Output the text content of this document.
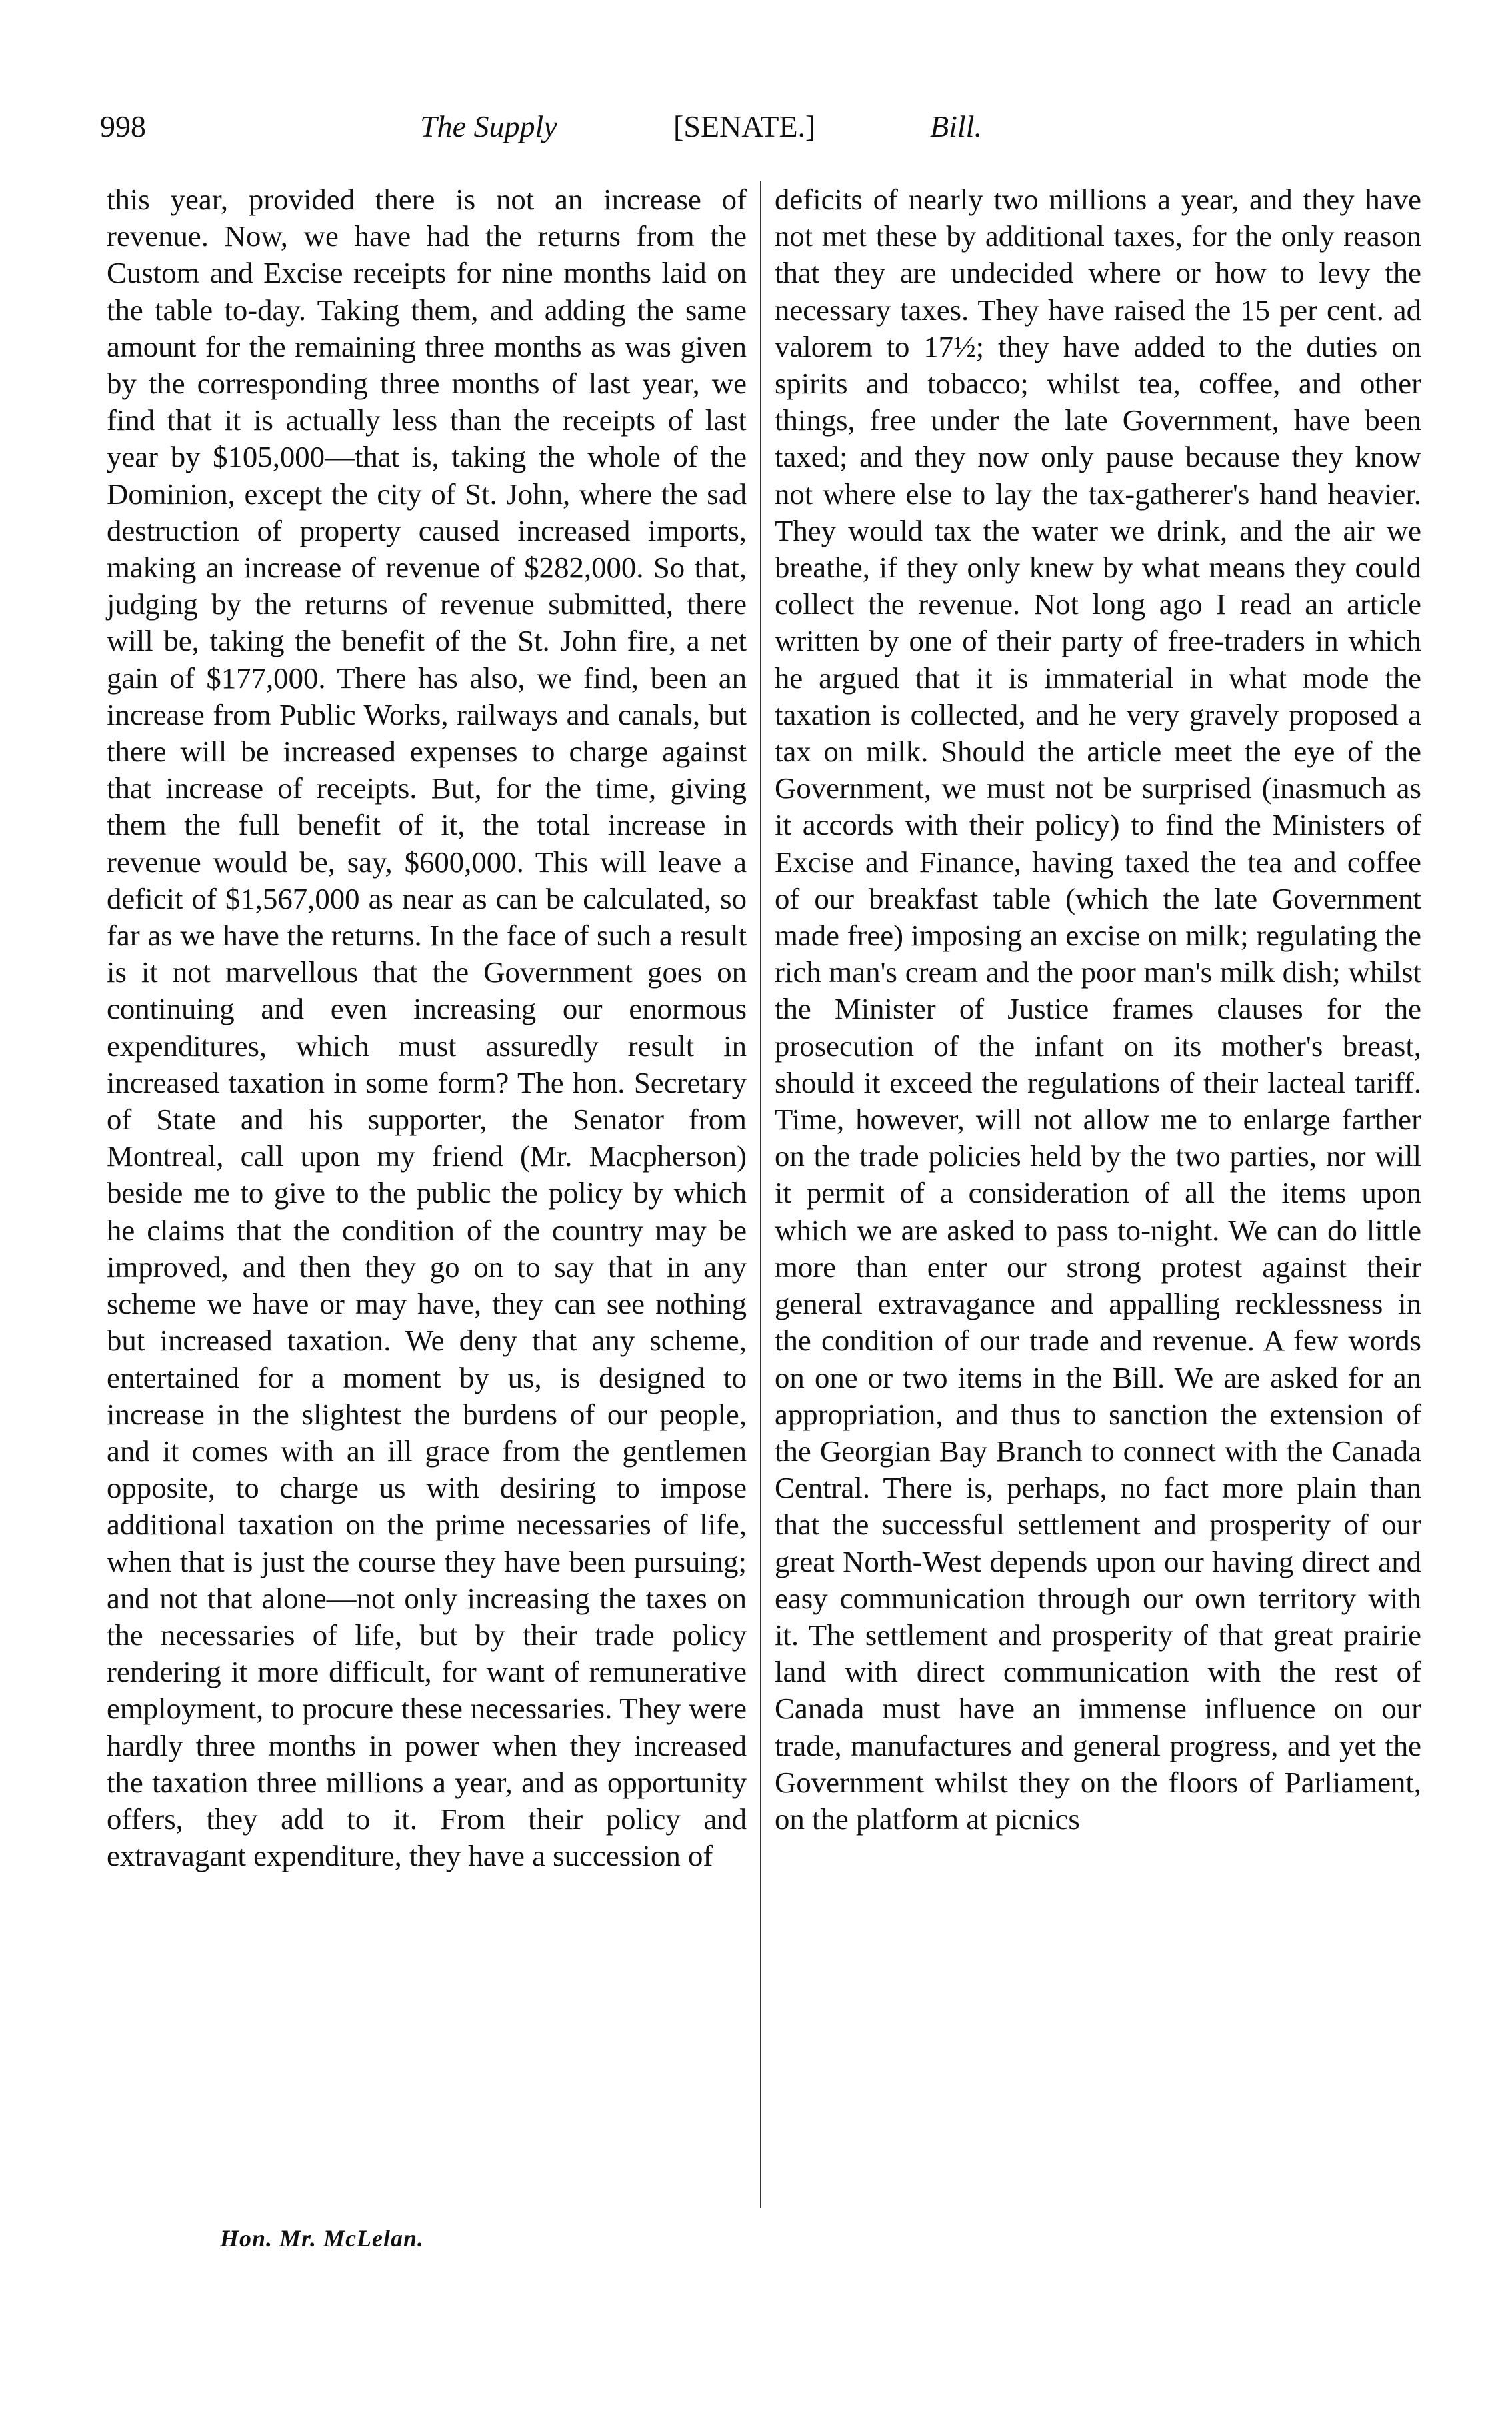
998	The Supply	[SENATE.]	Bill.

this year, provided there is not an increase of revenue. Now, we have had the returns from the Custom and Excise receipts for nine months laid on the table to-day. Taking them, and adding the same amount for the remaining three months as was given by the corresponding three months of last year, we find that it is actually less than the receipts of last year by $105,000—that is, taking the whole of the Dominion, except the city of St. John, where the sad destruction of property caused increased imports, making an increase of revenue of $282,000. So that, judging by the returns of revenue submitted, there will be, taking the benefit of the St. John fire, a net gain of $177,000. There has also, we find, been an increase from Public Works, railways and canals, but there will be increased expenses to charge against that increase of receipts. But, for the time, giving them the full benefit of it, the total increase in revenue would be, say, $600,000. This will leave a deficit of $1,567,000 as near as can be calculated, so far as we have the returns. In the face of such a result is it not marvellous that the Government goes on continuing and even increasing our enormous expenditures, which must assuredly result in increased taxation in some form? The hon. Secretary of State and his supporter, the Senator from Montreal, call upon my friend (Mr. Macpherson) beside me to give to the public the policy by which he claims that the condition of the country may be improved, and then they go on to say that in any scheme we have or may have, they can see nothing but increased taxation. We deny that any scheme, entertained for a moment by us, is designed to increase in the slightest the burdens of our people, and it comes with an ill grace from the gentlemen opposite, to charge us with desiring to impose additional taxation on the prime necessaries of life, when that is just the course they have been pursuing; and not that alone—not only increasing the taxes on the necessaries of life, but by their trade policy rendering it more difficult, for want of remunerative employment, to procure these necessaries. They were hardly three months in power when they increased the taxation three millions a year, and as opportunity offers, they add to it. From their policy and extravagant expenditure, they have a succession of

deficits of nearly two millions a year, and they have not met these by additional taxes, for the only reason that they are undecided where or how to levy the necessary taxes. They have raised the 15 per cent. ad valorem to 17½; they have added to the duties on spirits and tobacco; whilst tea, coffee, and other things, free under the late Government, have been taxed; and they now only pause because they know not where else to lay the tax-gatherer's hand heavier. They would tax the water we drink, and the air we breathe, if they only knew by what means they could collect the revenue. Not long ago I read an article written by one of their party of free-traders in which he argued that it is immaterial in what mode the taxation is collected, and he very gravely proposed a tax on milk. Should the article meet the eye of the Government, we must not be surprised (inasmuch as it accords with their policy) to find the Ministers of Excise and Finance, having taxed the tea and coffee of our breakfast table (which the late Government made free) imposing an excise on milk; regulating the rich man's cream and the poor man's milk dish; whilst the Minister of Justice frames clauses for the prosecution of the infant on its mother's breast, should it exceed the regulations of their lacteal tariff. Time, however, will not allow me to enlarge farther on the trade policies held by the two parties, nor will it permit of a consideration of all the items upon which we are asked to pass to-night. We can do little more than enter our strong protest against their general extravagance and appalling recklessness in the condition of our trade and revenue. A few words on one or two items in the Bill. We are asked for an appropriation, and thus to sanction the extension of the Georgian Bay Branch to connect with the Canada Central. There is, perhaps, no fact more plain than that the successful settlement and prosperity of our great North-West depends upon our having direct and easy communication through our own territory with it. The settlement and prosperity of that great prairie land with direct communication with the rest of Canada must have an immense influence on our trade, manufactures and general progress, and yet the Government whilst they on the floors of Parliament, on the platform at picnics

Hon. Mr. McLelan.
